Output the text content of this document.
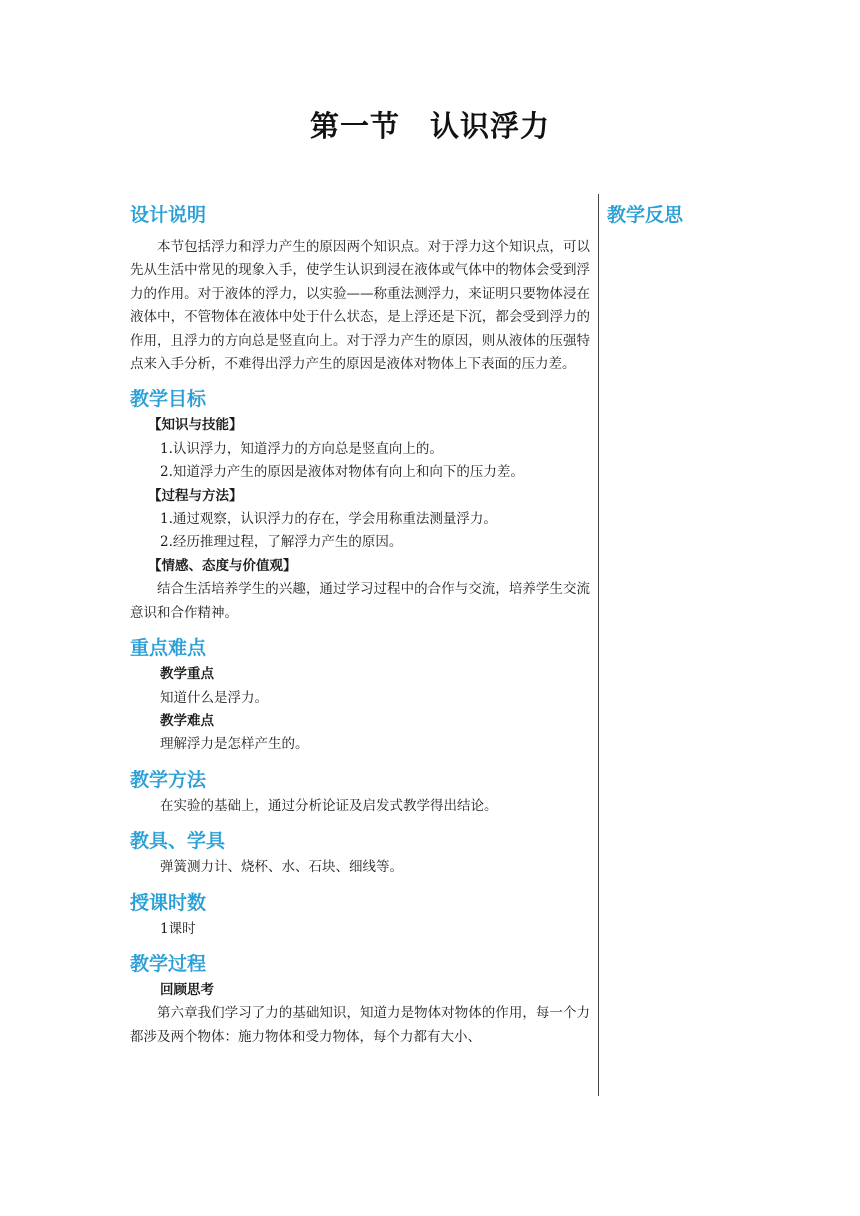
第一节　认识浮力
设计说明

本节包括浮力和浮力产生的原因两个知识点。对于浮力这个知识点，可以先从生活中常见的现象入手，使学生认识到浸在液体或气体中的物体会受到浮力的作用。对于液体的浮力，以实验——称重法测浮力，来证明只要物体浸在液体中，不管物体在液体中处于什么状态，是上浮还是下沉，都会受到浮力的作用，且浮力的方向总是竖直向上。对于浮力产生的原因，则从液体的压强特点来入手分析，不难得出浮力产生的原因是液体对物体上下表面的压力差。

教学目标
【知识与技能】
1.认识浮力，知道浮力的方向总是竖直向上的。
2.知道浮力产生的原因是液体对物体有向上和向下的压力差。
【过程与方法】
1.通过观察，认识浮力的存在，学会用称重法测量浮力。
2.经历推理过程，了解浮力产生的原因。
【情感、态度与价值观】

结合生活培养学生的兴趣，通过学习过程中的合作与交流，培养学生交流意识和合作精神。

重点难点
教学重点
知道什么是浮力。
教学难点
理解浮力是怎样产生的。
教学方法
在实验的基础上，通过分析论证及启发式教学得出结论。
教具、学具
弹簧测力计、烧杯、水、石块、细线等。
授课时数
1课时
教学过程
回顾思考

第六章我们学习了力的基础知识，知道力是物体对物体的作用，每一个力都涉及两个物体：施力物体和受力物体，每个力都有大小、

教学反思
